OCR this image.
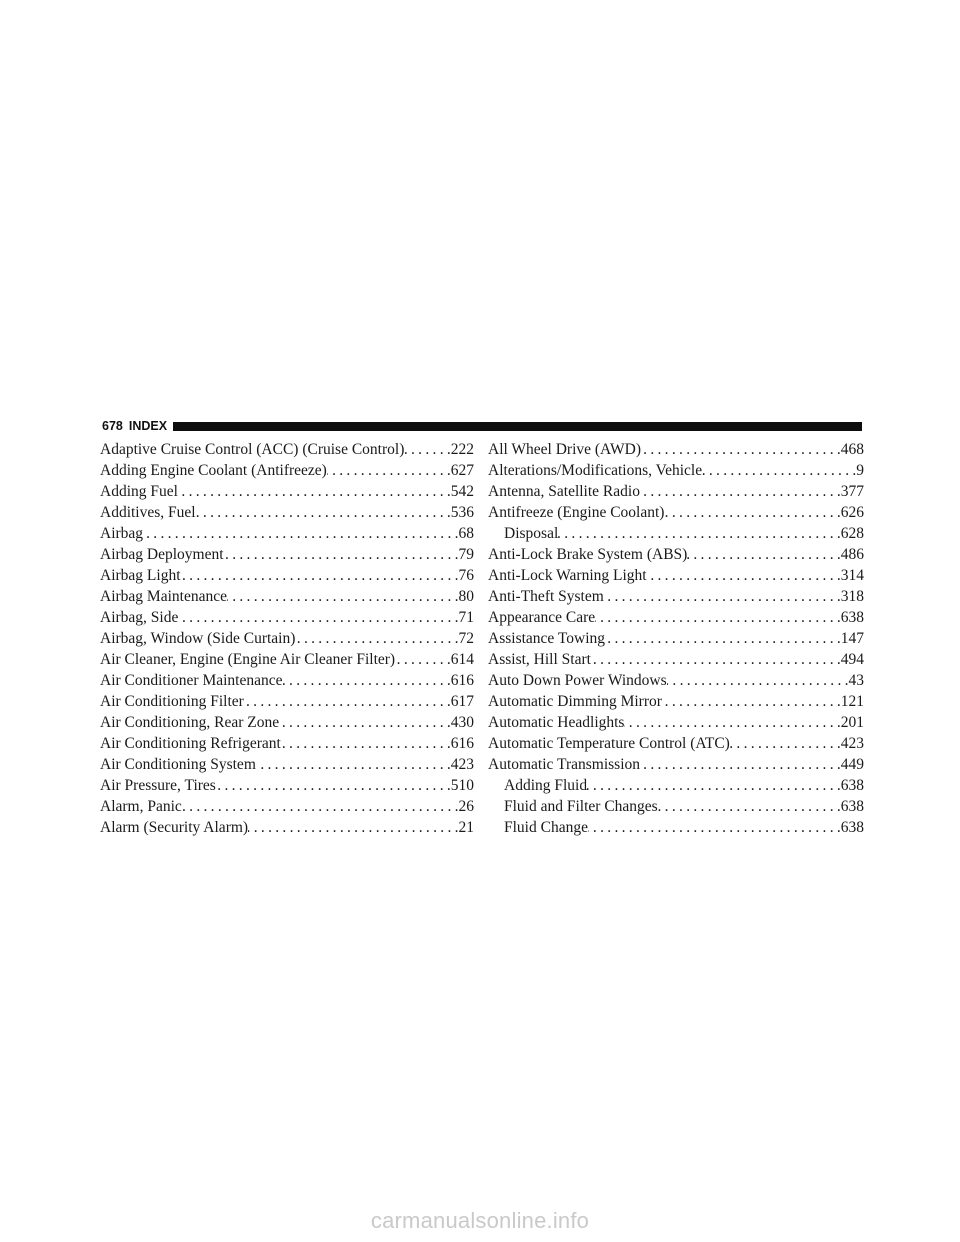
678 INDEX
Adaptive Cruise Control (ACC) (Cruise Control) .....	.222
Adding Engine Coolant (Antifreeze) .....	.627
Adding Fuel .....	.542
Additives, Fuel .....	.536
Airbag .....	.68
Airbag Deployment .....	.79
Airbag Light .....	.76
Airbag Maintenance .....	.80
Airbag, Side .....	.71
Airbag, Window (Side Curtain) .....	.72
Air Cleaner, Engine (Engine Air Cleaner Filter) .....	.614
Air Conditioner Maintenance .....	.616
Air Conditioning Filter .....	.617
Air Conditioning, Rear Zone .....	.430
Air Conditioning Refrigerant .....	.616
Air Conditioning System .....	.423
Air Pressure, Tires .....	.510
Alarm, Panic .....	.26
Alarm (Security Alarm) .....	.21
All Wheel Drive (AWD) .....	.468
Alterations/Modifications, Vehicle .....	.9
Antenna, Satellite Radio .....	.377
Antifreeze (Engine Coolant) .....	.626
Disposal .....	.628
Anti-Lock Brake System (ABS) .....	.486
Anti-Lock Warning Light .....	.314
Anti-Theft System .....	.318
Appearance Care .....	.638
Assistance Towing .....	.147
Assist, Hill Start .....	.494
Auto Down Power Windows .....	.43
Automatic Dimming Mirror .....	.121
Automatic Headlights .....	.201
Automatic Temperature Control (ATC) .....	.423
Automatic Transmission .....	.449
Adding Fluid .....	.638
Fluid and Filter Changes .....	.638
Fluid Change .....	.638
carmanualsonline.info
